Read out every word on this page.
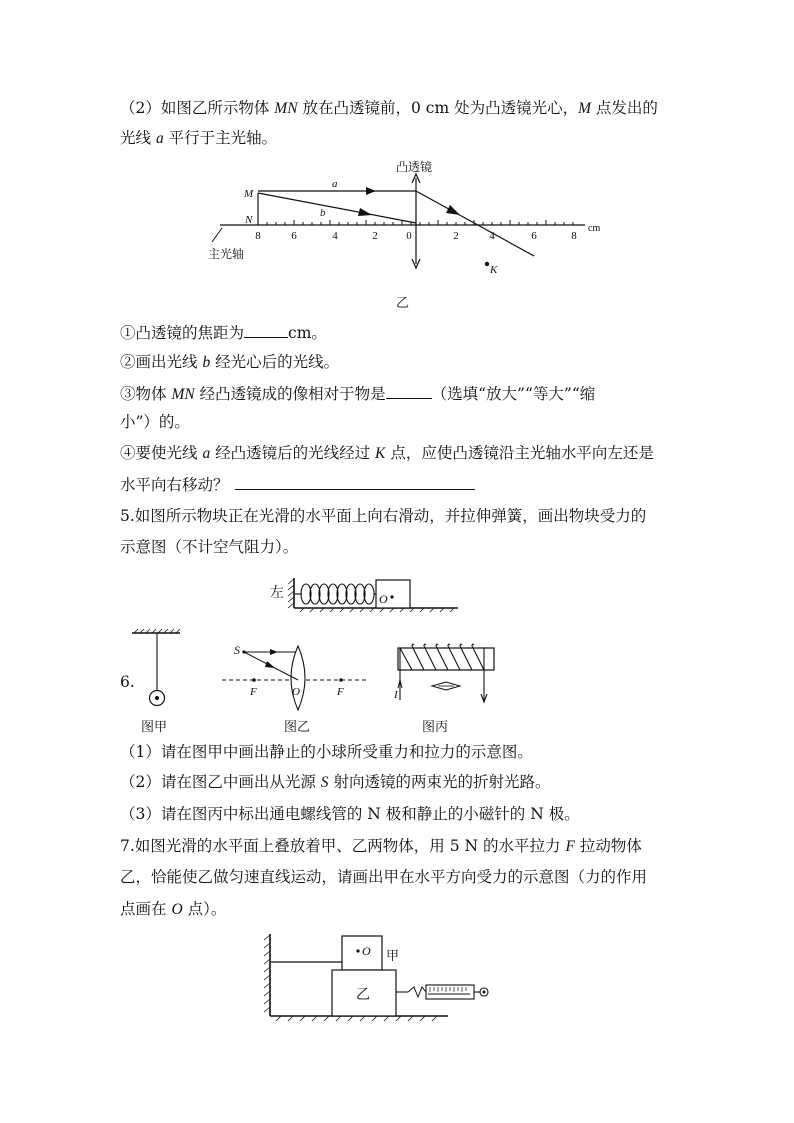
（2）如图乙所示物体 MN 放在凸透镜前，0 cm 处为凸透镜光心，M 点发出的
光线 a 平行于主光轴。
8	6	4	2	0	2	4	6	8
cm
凸透镜
M
N
a
b
K
主光轴
乙
①凸透镜的焦距为	cm。
②画出光线 b 经光心后的光线。
③物体 MN 经凸透镜成的像相对于物是	（选填“放大”“等大”“缩
小”）的。
④要使光线 a 经凸透镜后的光线经过 K 点，应使凸透镜沿主光轴水平向左还是
水平向右移动？
5.如图所示物块正在光滑的水平面上向右滑动，并拉伸弹簧，画出物块受力的
示意图（不计空气阻力）。
左	O
6.
图甲
S
F	O	F
图乙
I
图丙
（1）请在图甲中画出静止的小球所受重力和拉力的示意图。
（2）请在图乙中画出从光源 S 射向透镜的两束光的折射光路。
（3）请在图丙中标出通电螺线管的 N 极和静止的小磁针的 N 极。
7.如图光滑的水平面上叠放着甲、乙两物体，用 5 N 的水平拉力 F 拉动物体
乙，恰能使乙做匀速直线运动，请画出甲在水平方向受力的示意图（力的作用
点画在 O 点）。
O 甲
乙
